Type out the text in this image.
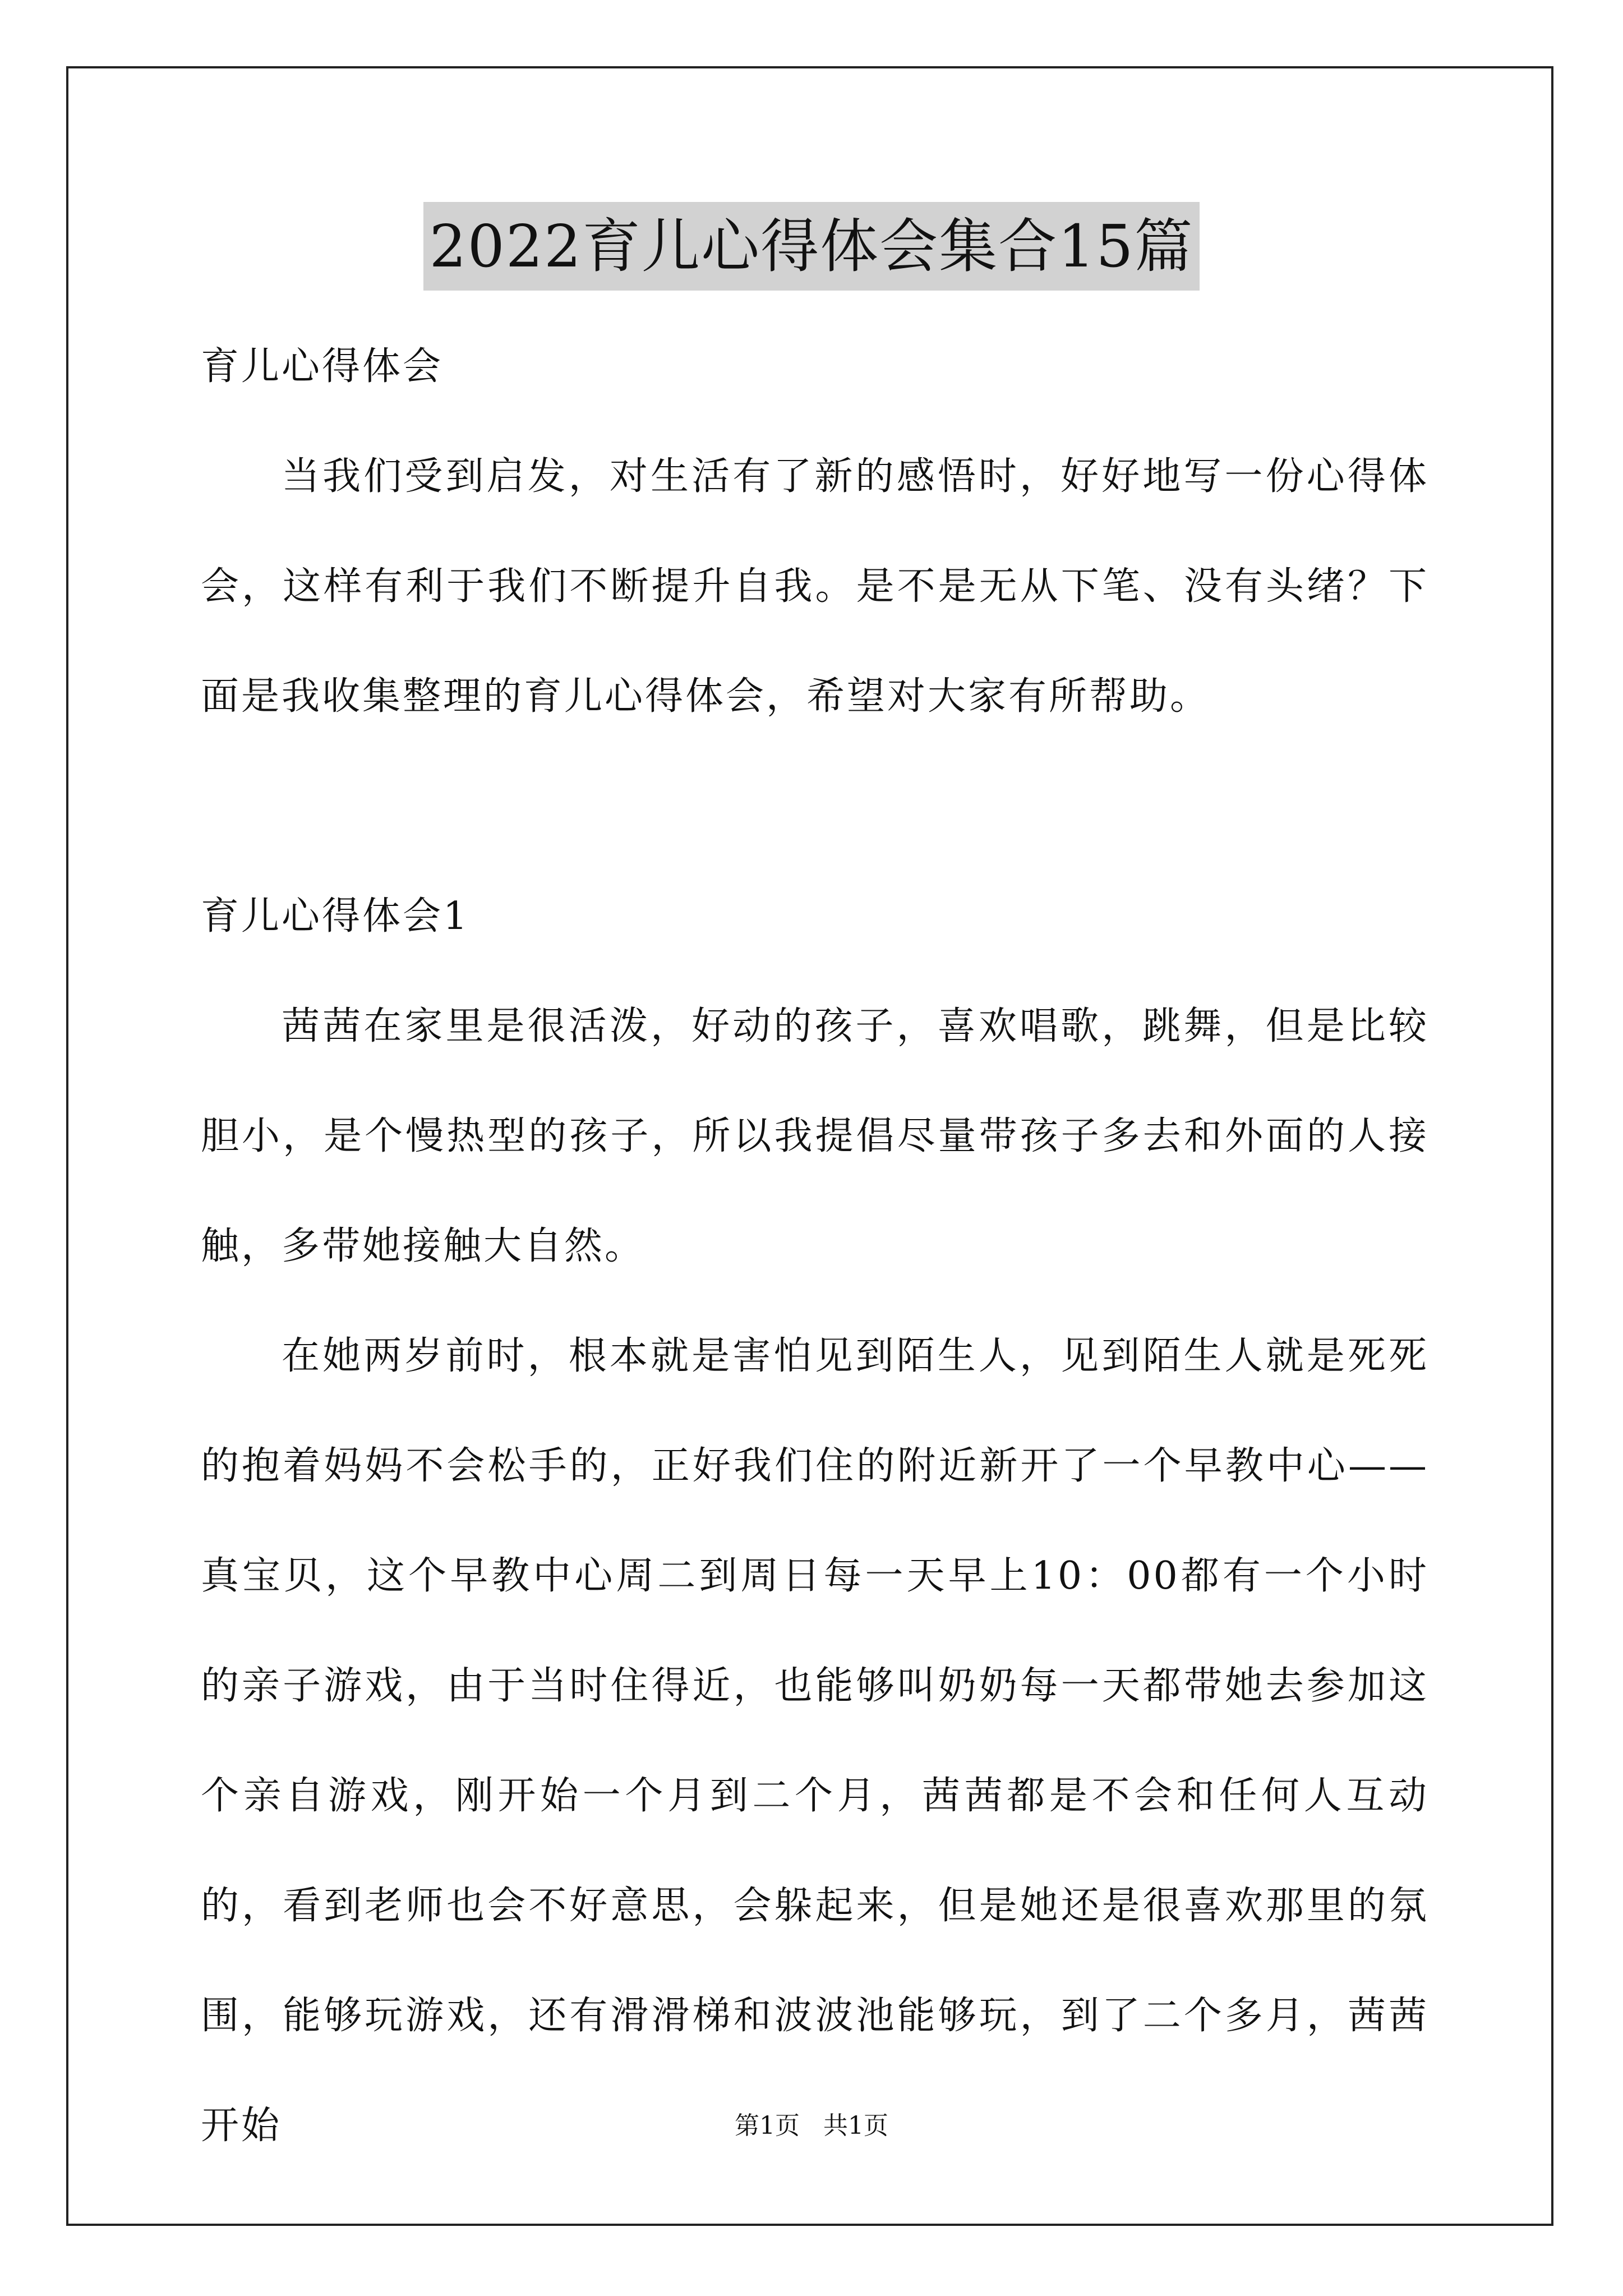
2022育儿心得体会集合15篇

育儿心得体会

当我们受到启发，对生活有了新的感悟时，好好地写一份心得体会，这样有利于我们不断提升自我。是不是无从下笔、没有头绪？下面是我收集整理的育儿心得体会，希望对大家有所帮助。

育儿心得体会1

茜茜在家里是很活泼，好动的孩子，喜欢唱歌，跳舞，但是比较胆小，是个慢热型的孩子，所以我提倡尽量带孩子多去和外面的人接触，多带她接触大自然。

在她两岁前时，根本就是害怕见到陌生人，见到陌生人就是死死的抱着妈妈不会松手的，正好我们住的附近新开了一个早教中心——真宝贝，这个早教中心周二到周日每一天早上10：00都有一个小时的亲子游戏，由于当时住得近，也能够叫奶奶每一天都带她去参加这个亲自游戏，刚开始一个月到二个月，茜茜都是不会和任何人互动的，看到老师也会不好意思，会躲起来，但是她还是很喜欢那里的氛围，能够玩游戏，还有滑滑梯和波波池能够玩，到了二个多月，茜茜开始	第1页 共1页
